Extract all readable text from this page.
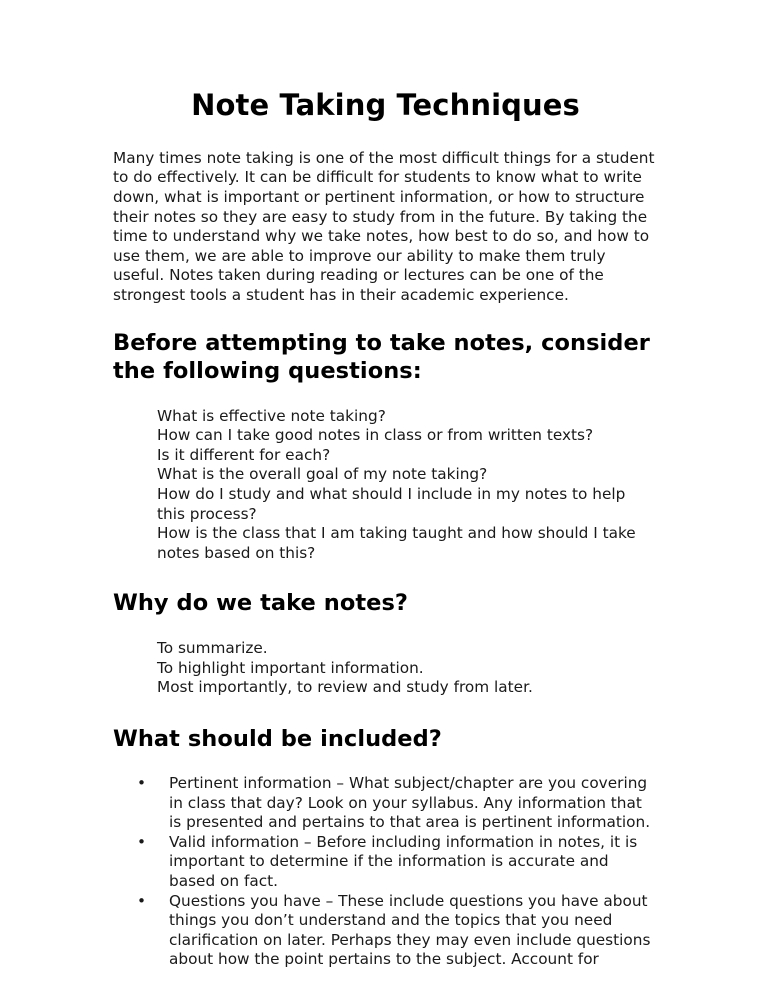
Note Taking Techniques

Many times note taking is one of the most difficult things for a student to do effectively. It can be difficult for students to know what to write down, what is important or pertinent information, or how to structure their notes so they are easy to study from in the future. By taking the time to understand why we take notes, how best to do so, and how to use them, we are able to improve our ability to make them truly useful. Notes taken during reading or lectures can be one of the strongest tools a student has in their academic experience.

Before attempting to take notes, consider the following questions:
What is effective note taking?
How can I take good notes in class or from written texts?
Is it different for each?
What is the overall goal of my note taking?
How do I study and what should I include in my notes to help this process?
How is the class that I am taking taught and how should I take notes based on this?
Why do we take notes?
To summarize.
To highlight important information.
Most importantly, to review and study from later.
What should be included?
•	Pertinent information – What subject/chapter are you covering in class that day? Look on your syllabus. Any information that is presented and pertains to that area is pertinent information.
•	Valid information – Before including information in notes, it is important to determine if the information is accurate and based on fact.
•	Questions you have – These include questions you have about things you don’t understand and the topics that you need clarification on later. Perhaps they may even include questions about how the point pertains to the subject. Account for
